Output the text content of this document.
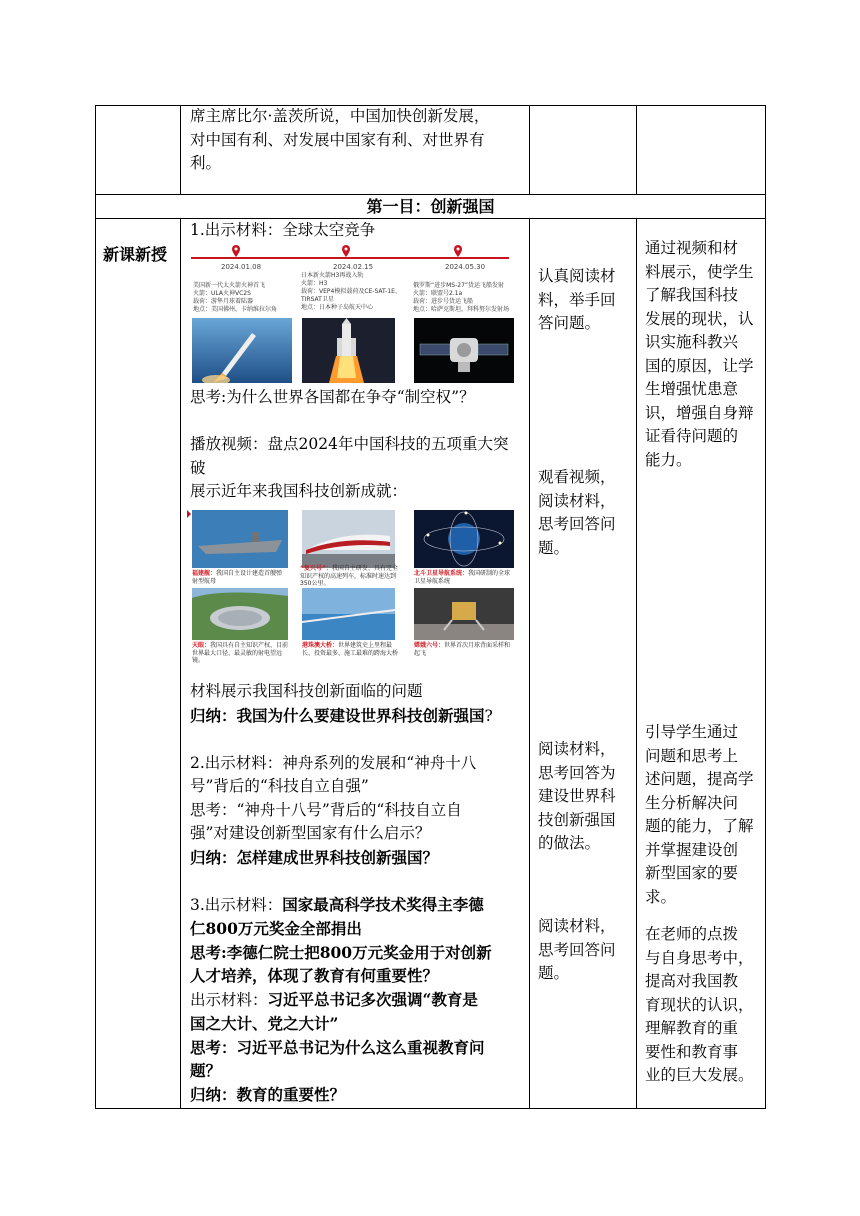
席主席比尔·盖茨所说，中国加快创新发展，

对中国有利、对发展中国家有利、对世界有

利。

第一目：创新强国
新课新授

1.出示材料：全球太空竞争

2024.01.08	2024.02.15	2024.05.30
美国新一代太火箭火神首飞
火箭：ULA火神VC2S
载荷：游隼月球着陆器
地点：美国佛州，卡纳维拉尔角
日本新火箭H3再战入轨
火箭：H3
载荷：VEP4模拟载荷及CE-SAT-1E、
TIRSAT卫星
地点：日本种子岛航天中心
俄罗斯“进步MS-27”货运飞船发射
火箭：联盟号2.1a
载荷：进步号货运飞船
地点：哈萨克斯坦，拜科努尔发射场

思考:为什么世界各国都在争夺“制空权”？

播放视频：盘点2024年中国科技的五项重大突

破

展示近年来我国科技创新成就：

福建舰：我国自主设计建造首艘弹射型航母
“复兴号”：我国自主研发、具有完全知识产权的高速列车，标准时速达到350公里。
北斗卫星导航系统：我国研制的全球卫星导航系统
天眼：我国具有自主知识产权、目前世界最大口径、最灵敏的射电望远镜。
港珠澳大桥：世界建筑史上里程最长、投资最多、施工最难的跨海大桥
嫦娥六号：世界首次月球背面采样和起飞

材料展示我国科技创新面临的问题

归纳：我国为什么要建设世界科技创新强国?

2.出示材料：神舟系列的发展和“神舟十八

号”背后的“科技自立自强”

思考：“神舟十八号”背后的“科技自立自

强”对建设创新型国家有什么启示？

归纳：怎样建成世界科技创新强国？

3.出示材料：国家最高科学技术奖得主李德

仁800万元奖金全部捐出

思考:李德仁院士把800万元奖金用于对创新

人才培养，体现了教育有何重要性？

出示材料：习近平总书记多次强调“教育是

国之大计、党之大计”

思考：习近平总书记为什么这么重视教育问

题？

归纳：教育的重要性？

认真阅读材

料，举手回

答问题。

观看视频，

阅读材料，

思考回答问

题。

阅读材料，

思考回答为

建设世界科

技创新强国

的做法。

阅读材料，

思考回答问

题。

通过视频和材

料展示，使学生

了解我国科技

发展的现状，认

识实施科教兴

国的原因，让学

生增强忧患意

识，增强自身辩

证看待问题的

能力。

引导学生通过

问题和思考上

述问题，提高学

生分析解决问

题的能力，了解

并掌握建设创

新型国家的要

求。

在老师的点拨

与自身思考中，

提高对我国教

育现状的认识，

理解教育的重

要性和教育事

业的巨大发展。
